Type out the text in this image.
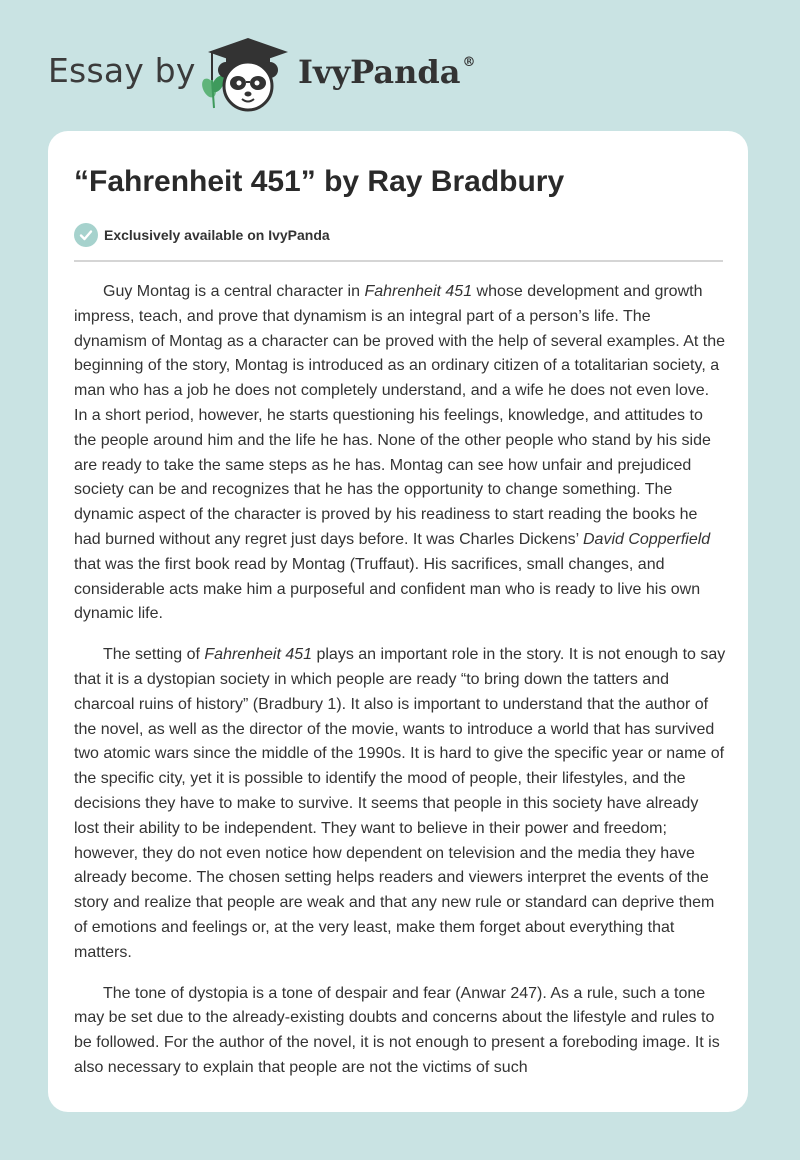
Essay by	IvyPanda ®
“Fahrenheit 451” by Ray Bradbury
Exclusively available on IvyPanda

Guy Montag is a central character in Fahrenheit 451 whose development and growth impress, teach, and prove that dynamism is an integral part of a person’s life. The dynamism of Montag as a character can be proved with the help of several examples. At the beginning of the story, Montag is introduced as an ordinary citizen of a totalitarian society, a man who has a job he does not completely understand, and a wife he does not even love. In a short period, however, he starts questioning his feelings, knowledge, and attitudes to the people around him and the life he has. None of the other people who stand by his side are ready to take the same steps as he has. Montag can see how unfair and prejudiced society can be and recognizes that he has the opportunity to change something. The dynamic aspect of the character is proved by his readiness to start reading the books he had burned without any regret just days before. It was Charles Dickens’ David Copperfield that was the first book read by Montag (Truffaut). His sacrifices, small changes, and considerable acts make him a purposeful and confident man who is ready to live his own dynamic life.

The setting of Fahrenheit 451 plays an important role in the story. It is not enough to say that it is a dystopian society in which people are ready “to bring down the tatters and charcoal ruins of history” (Bradbury 1). It also is important to understand that the author of the novel, as well as the director of the movie, wants to introduce a world that has survived two atomic wars since the middle of the 1990s. It is hard to give the specific year or name of the specific city, yet it is possible to identify the mood of people, their lifestyles, and the decisions they have to make to survive. It seems that people in this society have already lost their ability to be independent. They want to believe in their power and freedom; however, they do not even notice how dependent on television and the media they have already become. The chosen setting helps readers and viewers interpret the events of the story and realize that people are weak and that any new rule or standard can deprive them of emotions and feelings or, at the very least, make them forget about everything that matters.

The tone of dystopia is a tone of despair and fear (Anwar 247). As a rule, such a tone may be set due to the already-existing doubts and concerns about the lifestyle and rules to be followed. For the author of the novel, it is not enough to present a foreboding image. It is also necessary to explain that people are not the victims of such
